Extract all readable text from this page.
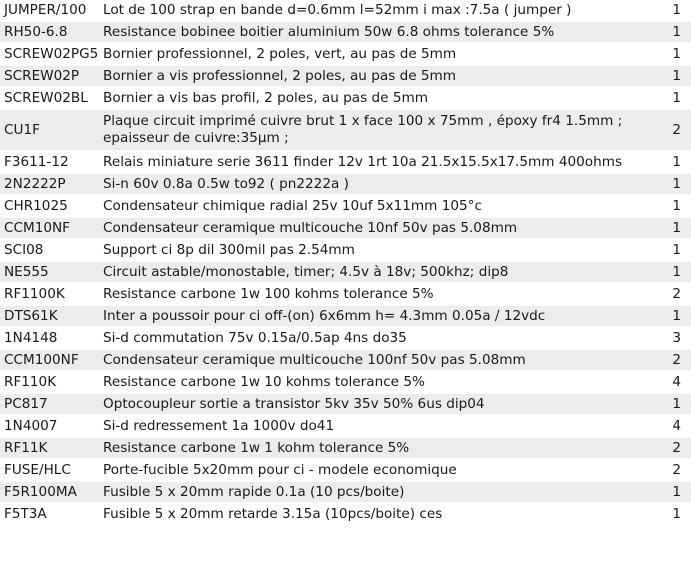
JUMPER/100	Lot de 100 strap en bande d=0.6mm l=52mm i max :7.5a ( jumper )	1
RH50-6.8	Resistance bobinee boitier aluminium 50w 6.8 ohms tolerance 5%	1
SCREW02PG5	Bornier professionnel, 2 poles, vert, au pas de 5mm	1
SCREW02P	Bornier a vis professionnel, 2 poles, au pas de 5mm	1
SCREW02BL	Bornier a vis bas profil, 2 poles, au pas de 5mm	1
CU1F	Plaque circuit imprimé cuivre brut 1 x face 100 x 75mm , époxy fr4 1.5mm ; epaisseur de cuivre:35µm ;	2
F3611-12	Relais miniature serie 3611 finder 12v 1rt 10a 21.5x15.5x17.5mm 400ohms	1
2N2222P	Si-n 60v 0.8a 0.5w to92 ( pn2222a )	1
CHR1025	Condensateur chimique radial 25v 10uf 5x11mm 105°c	1
CCM10NF	Condensateur ceramique multicouche 10nf 50v pas 5.08mm	1
SCI08	Support ci 8p dil 300mil pas 2.54mm	1
NE555	Circuit astable/monostable, timer; 4.5v à 18v; 500khz; dip8	1
RF1100K	Resistance carbone 1w 100 kohms tolerance 5%	2
DTS61K	Inter a poussoir pour ci off-(on) 6x6mm h= 4.3mm 0.05a / 12vdc	1
1N4148	Si-d commutation 75v 0.15a/0.5ap 4ns do35	3
CCM100NF	Condensateur ceramique multicouche 100nf 50v pas 5.08mm	2
RF110K	Resistance carbone 1w 10 kohms tolerance 5%	4
PC817	Optocoupleur sortie a transistor 5kv 35v 50% 6us dip04	1
1N4007	Si-d redressement 1a 1000v do41	4
RF11K	Resistance carbone 1w 1 kohm tolerance 5%	2
FUSE/HLC	Porte-fucible 5x20mm pour ci - modele economique	2
F5R100MA	Fusible 5 x 20mm rapide 0.1a (10 pcs/boite)	1
F5T3A	Fusible 5 x 20mm retarde 3.15a (10pcs/boite) ces	1
